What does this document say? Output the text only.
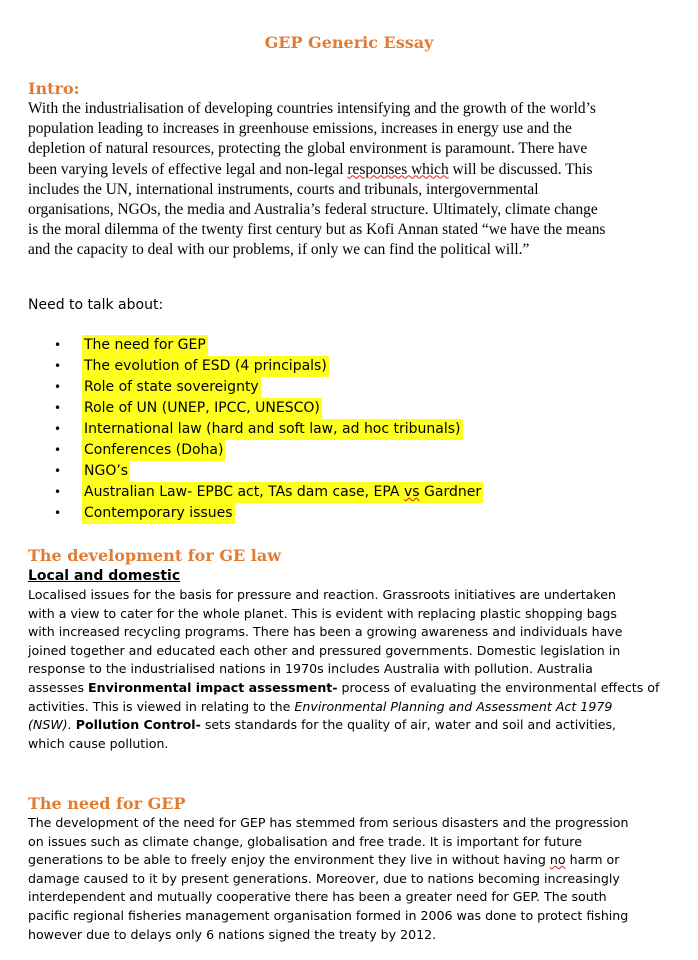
GEP Generic Essay
Intro:
With the industrialisation of developing countries intensifying and the growth of the world’s
population leading to increases in greenhouse emissions, increases in energy use and the
depletion of natural resources, protecting the global environment is paramount. There have
been varying levels of effective legal and non-legal responses which will be discussed. This
includes the UN, international instruments, courts and tribunals, intergovernmental
organisations, NGOs, the media and Australia’s federal structure. Ultimately, climate change
is the moral dilemma of the twenty first century but as Kofi Annan stated “we have the means
and the capacity to deal with our problems, if only we can find the political will.”
Need to talk about:
• The need for GEP
• The evolution of ESD (4 principals)
• Role of state sovereignty
• Role of UN (UNEP, IPCC, UNESCO)
• International law (hard and soft law, ad hoc tribunals)
• Conferences (Doha)
• NGO’s
• Australian Law- EPBC act, TAs dam case, EPA vs Gardner
• Contemporary issues
The development for GE law
Local and domestic
Localised issues for the basis for pressure and reaction. Grassroots initiatives are undertaken
with a view to cater for the whole planet. This is evident with replacing plastic shopping bags
with increased recycling programs. There has been a growing awareness and individuals have
joined together and educated each other and pressured governments. Domestic legislation in
response to the industrialised nations in 1970s includes Australia with pollution. Australia
assesses Environmental impact assessment- process of evaluating the environmental effects of
activities. This is viewed in relating to the Environmental Planning and Assessment Act 1979
(NSW). Pollution Control- sets standards for the quality of air, water and soil and activities,
which cause pollution.
The need for GEP
The development of the need for GEP has stemmed from serious disasters and the progression
on issues such as climate change, globalisation and free trade. It is important for future
generations to be able to freely enjoy the environment they live in without having no harm or
damage caused to it by present generations. Moreover, due to nations becoming increasingly
interdependent and mutually cooperative there has been a greater need for GEP. The south
pacific regional fisheries management organisation formed in 2006 was done to protect fishing
however due to delays only 6 nations signed the treaty by 2012.
